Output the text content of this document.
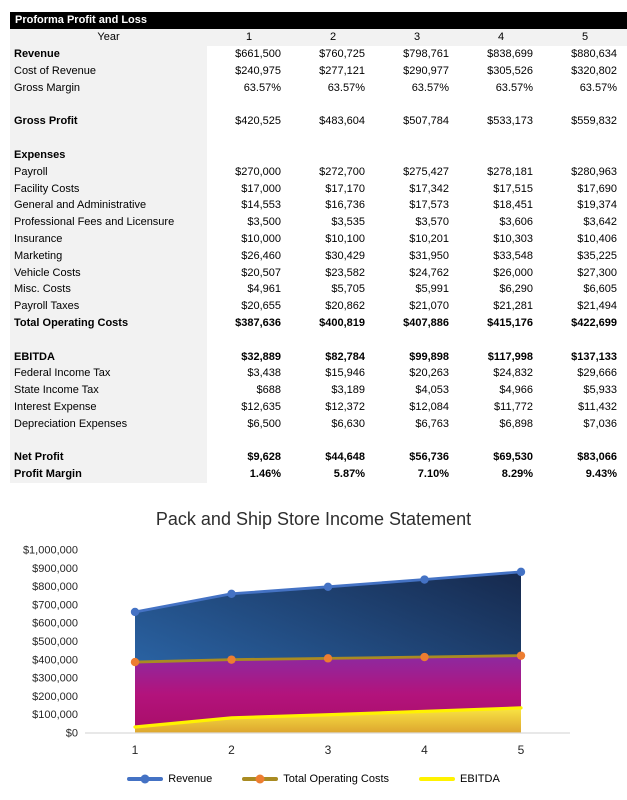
Proforma Profit and Loss
Year	1	2	3	4	5
Revenue	$661,500	$760,725	$798,761	$838,699	$880,634
Cost of Revenue	$240,975	$277,121	$290,977	$305,526	$320,802
Gross Margin	63.57%	63.57%	63.57%	63.57%	63.57%
Gross Profit	$420,525	$483,604	$507,784	$533,173	$559,832
Expenses
Payroll	$270,000	$272,700	$275,427	$278,181	$280,963
Facility Costs	$17,000	$17,170	$17,342	$17,515	$17,690
General and Administrative	$14,553	$16,736	$17,573	$18,451	$19,374
Professional Fees and Licensure	$3,500	$3,535	$3,570	$3,606	$3,642
Insurance	$10,000	$10,100	$10,201	$10,303	$10,406
Marketing	$26,460	$30,429	$31,950	$33,548	$35,225
Vehicle Costs	$20,507	$23,582	$24,762	$26,000	$27,300
Misc. Costs	$4,961	$5,705	$5,991	$6,290	$6,605
Payroll Taxes	$20,655	$20,862	$21,070	$21,281	$21,494
Total Operating Costs	$387,636	$400,819	$407,886	$415,176	$422,699
EBITDA	$32,889	$82,784	$99,898	$117,998	$137,133
Federal Income Tax	$3,438	$15,946	$20,263	$24,832	$29,666
State Income Tax	$688	$3,189	$4,053	$4,966	$5,933
Interest Expense	$12,635	$12,372	$12,084	$11,772	$11,432
Depreciation Expenses	$6,500	$6,630	$6,763	$6,898	$7,036
Net Profit	$9,628	$44,648	$56,736	$69,530	$83,066
Profit Margin	1.46%	5.87%	7.10%	8.29%	9.43%
Pack and Ship Store Income Statement
$1,000,000
$900,000
$800,000
$700,000
$600,000
$500,000
$400,000
$300,000
$200,000
$100,000
$0
1	2	3	4	5
Revenue	Total Operating Costs	EBITDA
